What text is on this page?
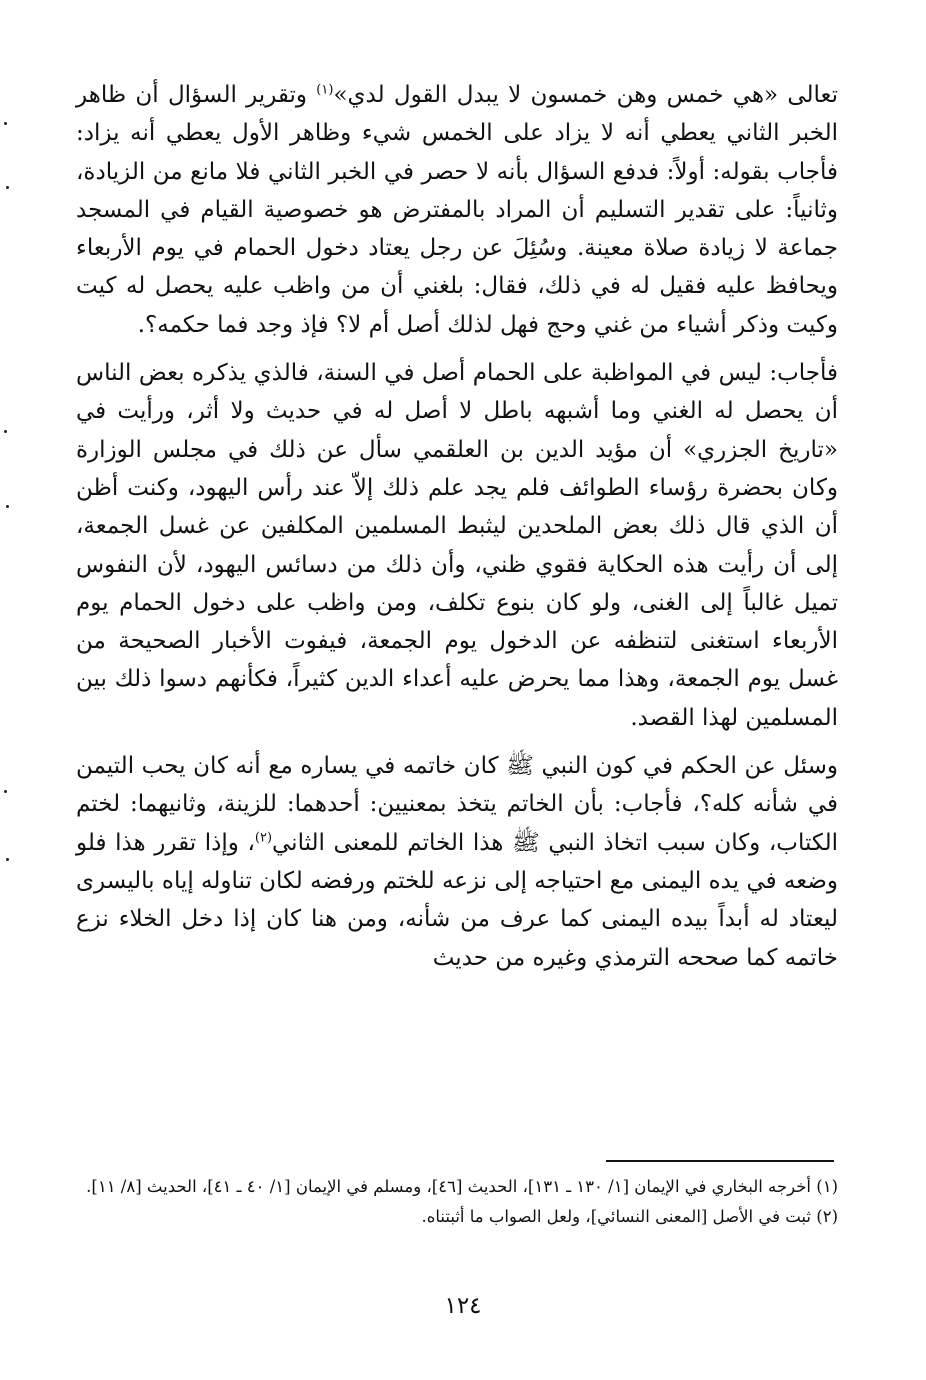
تعالى «هي خمس وهن خمسون لا يبدل القول لدي»$^{(١)}$ وتقرير السؤال أن ظاهر الخبر الثاني يعطي أنه لا يزاد على الخمس شيء وظاهر الأول يعطي أنه يزاد: فأجاب بقوله: أولاً: فدفع السؤال بأنه لا حصر في الخبر الثاني فلا مانع من الزيادة، وثانياً: على تقدير التسليم أن المراد بالمفترض هو خصوصية القيام في المسجد جماعة لا زيادة صلاة معينة. وسُئِلَ عن رجل يعتاد دخول الحمام في يوم الأربعاء ويحافظ عليه فقيل له في ذلك، فقال: بلغني أن من واظب عليه يحصل له كيت وكيت وذكر أشياء من غني وحج فهل لذلك أصل أم لا؟ فإذ وجد فما حكمه؟.

فأجاب: ليس في المواظبة على الحمام أصل في السنة، فالذي يذكره بعض الناس أن يحصل له الغني وما أشبهه باطل لا أصل له في حديث ولا أثر، ورأيت في «تاريخ الجزري» أن مؤيد الدين بن العلقمي سأل عن ذلك في مجلس الوزارة وكان بحضرة رؤساء الطوائف فلم يجد علم ذلك إلاّ عند رأس اليهود، وكنت أظن أن الذي قال ذلك بعض الملحدين ليثبط المسلمين المكلفين عن غسل الجمعة، إلى أن رأيت هذه الحكاية فقوي ظني، وأن ذلك من دسائس اليهود، لأن النفوس تميل غالباً إلى الغنى، ولو كان بنوع تكلف، ومن واظب على دخول الحمام يوم الأربعاء استغنى لتنظفه عن الدخول يوم الجمعة، فيفوت الأخبار الصحيحة من غسل يوم الجمعة، وهذا مما يحرض عليه أعداء الدين كثيراً، فكأنهم دسوا ذلك بين المسلمين لهذا القصد.

وسئل عن الحكم في كون النبي ﷺ كان خاتمه في يساره مع أنه كان يحب التيمن في شأنه كله؟، فأجاب: بأن الخاتم يتخذ بمعنيين: أحدهما: للزينة، وثانيهما: لختم الكتاب، وكان سبب اتخاذ النبي ﷺ هذا الخاتم للمعنى الثاني$^{(٢)}$، وإذا تقرر هذا فلو وضعه في يده اليمنى مع احتياجه إلى نزعه للختم ورفضه لكان تناوله إياه باليسرى ليعتاد له أبداً بيده اليمنى كما عرف من شأنه، ومن هنا كان إذا دخل الخلاء نزع خاتمه كما صححه الترمذي وغيره من حديث

(١) أخرجه البخاري في الإيمان [١/ ١٣٠ ـ ١٣١]، الحديث [٤٦]، ومسلم في الإيمان [١/ ٤٠ ـ ٤١]، الحديث [٨/ ١١].

(٢) ثبت في الأصل [المعنى النسائي]، ولعل الصواب ما أثبتناه.

١٢٤
